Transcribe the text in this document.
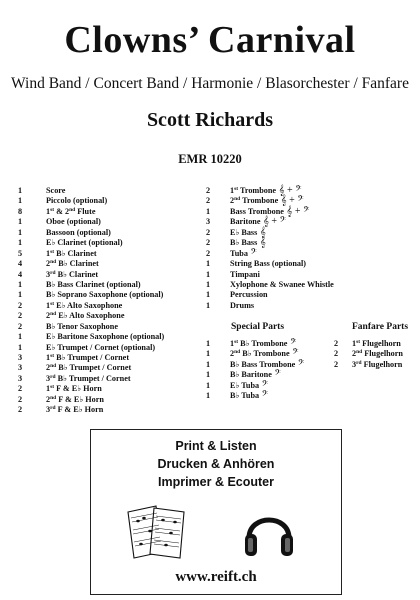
Clowns’ Carnival
Wind Band / Concert Band / Harmonie / Blasorchester / Fanfare
Scott Richards
EMR 10220
1	Score
1	Piccolo (optional)
8	1st & 2nd Flute
1	Oboe (optional)
1	Bassoon (optional)
1	E♭ Clarinet (optional)
5	1st B♭ Clarinet
4	2nd B♭ Clarinet
4	3rd B♭ Clarinet
1	B♭ Bass Clarinet (optional)
1	B♭ Soprano Saxophone (optional)
2	1st E♭ Alto Saxophone
2	2nd E♭ Alto Saxophone
2	B♭ Tenor Saxophone
1	E♭ Baritone Saxophone (optional)
1	E♭ Trumpet / Cornet (optional)
3	1st B♭ Trumpet / Cornet
3	2nd B♭ Trumpet / Cornet
3	3rd B♭ Trumpet / Cornet
2	1st F & E♭ Horn
2	2nd F & E♭ Horn
2	3rd F & E♭ Horn
2 1st Trombone 𝄞 + 𝄢
2 2nd Trombone 𝄞 + 𝄢
1 Bass Trombone 𝄞 + 𝄢
3 Baritone 𝄞 + 𝄢
2 E♭ Bass 𝄞
2 B♭ Bass 𝄞
2 Tuba 𝄢
1 String Bass (optional)
1 Timpani
1 Xylophone & Swanee Whistle
1 Percussion
1 Drums
Special Parts
1 1st B♭ Trombone 𝄢
1 2nd B♭ Trombone 𝄢
1 B♭ Bass Trombone 𝄢
1 B♭ Baritone 𝄢
1 E♭ Tuba 𝄢
1 B♭ Tuba 𝄢
Fanfare Parts
2 1st Flugelhorn
2 2nd Flugelhorn
2 3rd Flugelhorn
Print & Listen
Drucken & Anhören
Imprimer & Ecouter
www.reift.ch
